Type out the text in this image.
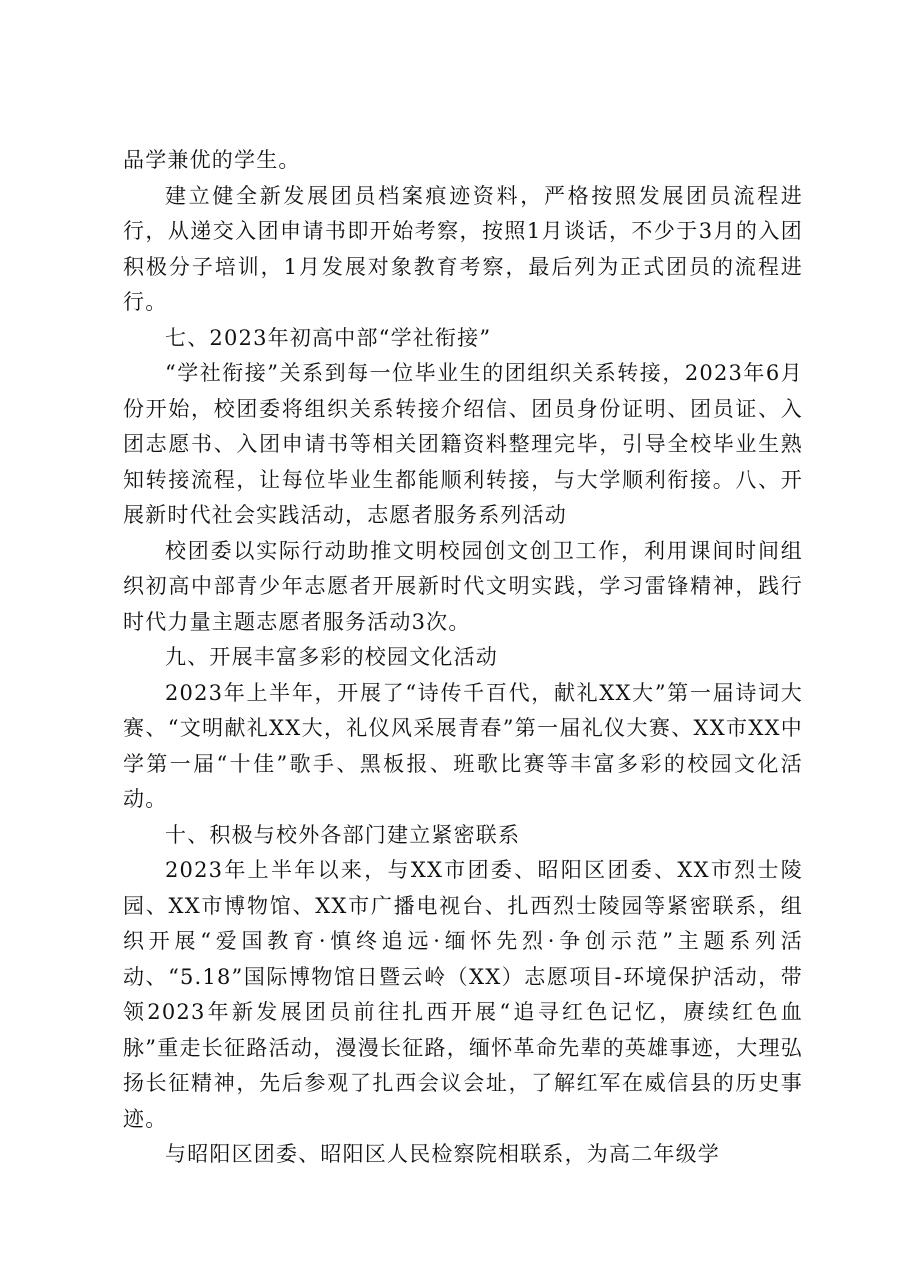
品学兼优的学生。

建立健全新发展团员档案痕迹资料，严格按照发展团员流程进行，从递交入团申请书即开始考察，按照1月谈话，不少于3月的入团积极分子培训，1月发展对象教育考察，最后列为正式团员的流程进行。

七、2023年初高中部“学社衔接”

“学社衔接”关系到每一位毕业生的团组织关系转接，2023年6月份开始，校团委将组织关系转接介绍信、团员身份证明、团员证、入团志愿书、入团申请书等相关团籍资料整理完毕，引导全校毕业生熟知转接流程，让每位毕业生都能顺利转接，与大学顺利衔接。八、开展新时代社会实践活动，志愿者服务系列活动

校团委以实际行动助推文明校园创文创卫工作，利用课间时间组织初高中部青少年志愿者开展新时代文明实践，学习雷锋精神，践行时代力量主题志愿者服务活动3次。

九、开展丰富多彩的校园文化活动

2023年上半年，开展了“诗传千百代，献礼XX大”第一届诗词大赛、“文明献礼XX大，礼仪风采展青春”第一届礼仪大赛、XX市XX中学第一届“十佳”歌手、黑板报、班歌比赛等丰富多彩的校园文化活动。

十、积极与校外各部门建立紧密联系

2023年上半年以来，与XX市团委、昭阳区团委、XX市烈士陵园、XX市博物馆、XX市广播电视台、扎西烈士陵园等紧密联系，组织开展“爱国教育·慎终追远·缅怀先烈·争创示范”主题系列活动、“5.18”国际博物馆日暨云岭（XX）志愿项目-环境保护活动，带领2023年新发展团员前往扎西开展“追寻红色记忆，赓续红色血脉”重走长征路活动，漫漫长征路，缅怀革命先辈的英雄事迹，大理弘扬长征精神，先后参观了扎西会议会址，了解红军在威信县的历史事迹。

与昭阳区团委、昭阳区人民检察院相联系，为高二年级学
